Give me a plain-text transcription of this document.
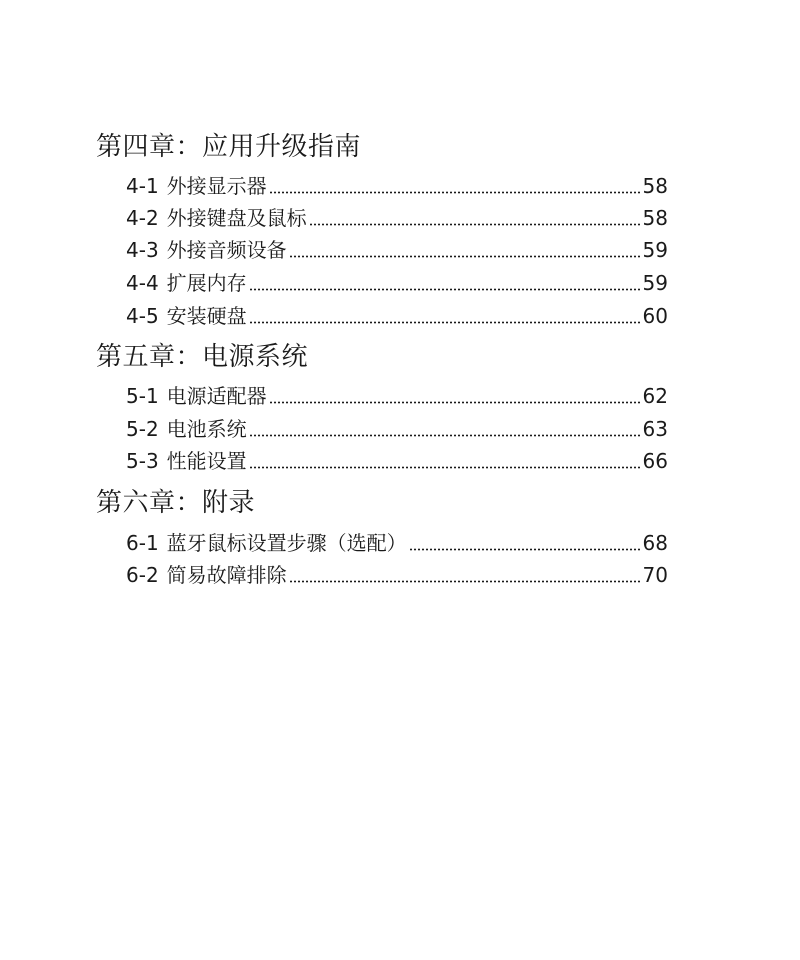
第四章：应用升级指南
4-1 外接显示器	58
4-2 外接键盘及鼠标	58
4-3 外接音频设备	59
4-4 扩展内存	59
4-5 安装硬盘	60
第五章：电源系统
5-1 电源适配器	62
5-2 电池系统	63
5-3 性能设置	66
第六章：附录
6-1 蓝牙鼠标设置步骤（选配）	68
6-2 简易故障排除	70
